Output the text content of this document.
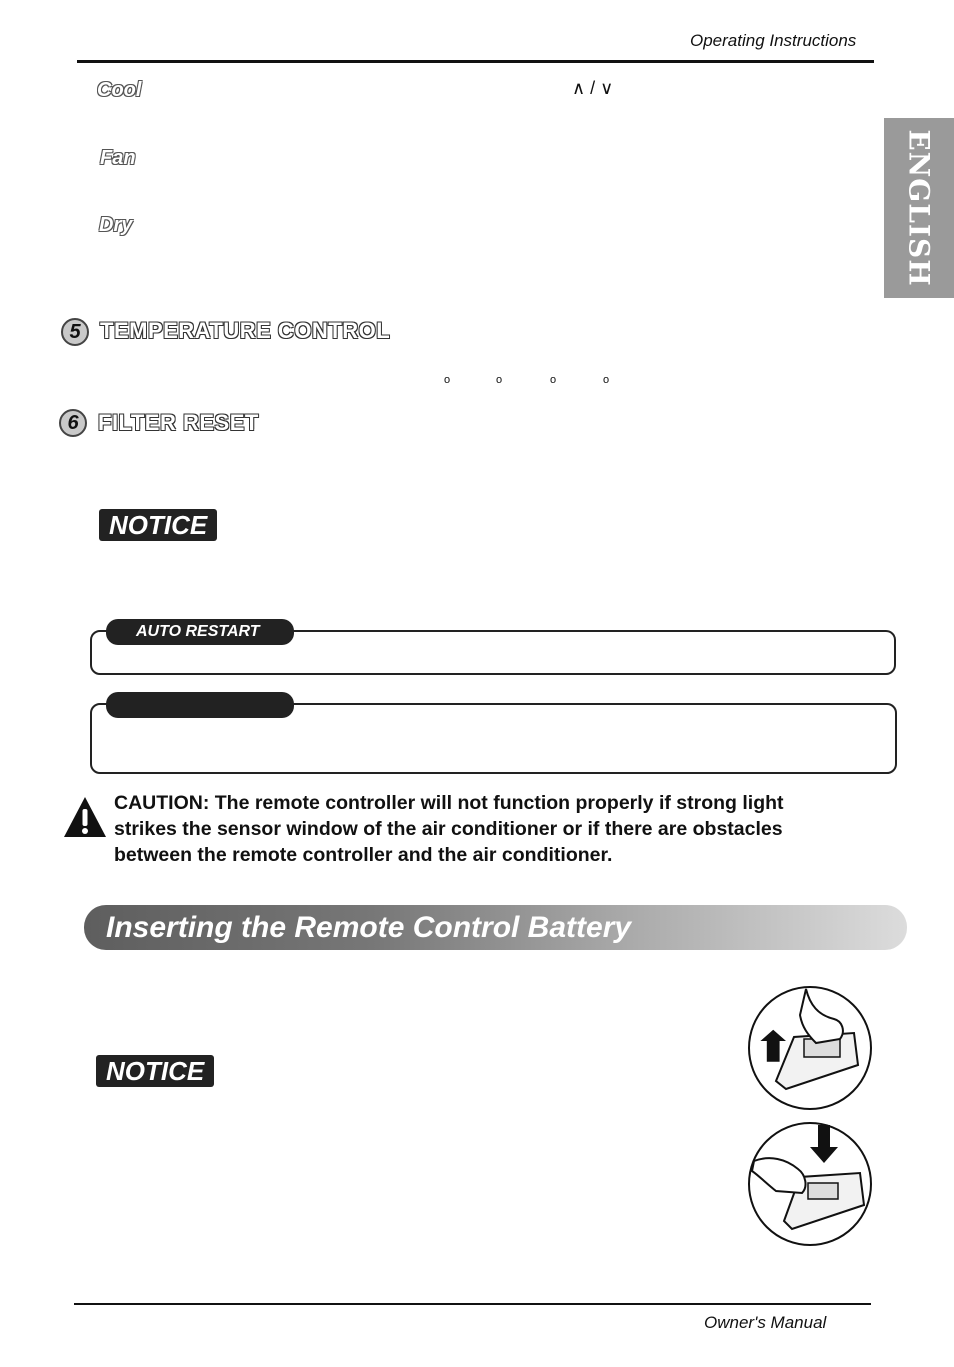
Operating Instructions
ENGLISH
Cool	∧ / ∨
Fan
Dry
5 TEMPERATURE CONTROL
o	o	o	o
6 FILTER RESET
NOTICE
AUTO RESTART
CAUTION: The remote controller will not function properly if strong light strikes the sensor window of the air conditioner or if there are obstacles between the remote controller and the air conditioner.
Inserting the Remote Control Battery
NOTICE
Owner's Manual
